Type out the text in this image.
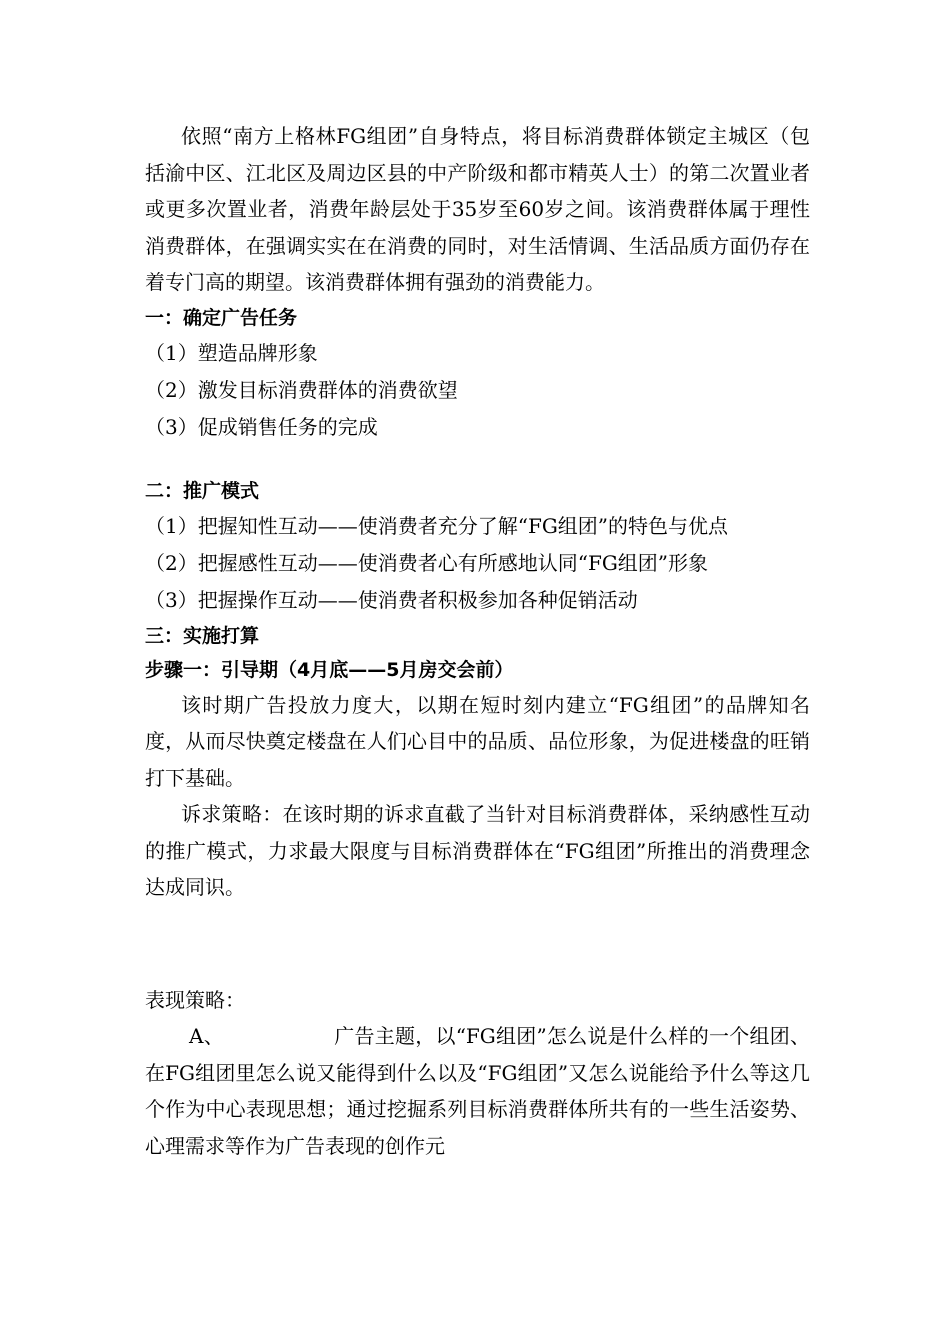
依照“南方上格林FG组团”自身特点，将目标消费群体锁定主城区（包括渝中区、江北区及周边区县的中产阶级和都市精英人士）的第二次置业者或更多次置业者，消费年龄层处于35岁至60岁之间。该消费群体属于理性消费群体，在强调实实在在消费的同时，对生活情调、生活品质方面仍存在着专门高的期望。该消费群体拥有强劲的消费能力。

一：确定广告任务

（1）塑造品牌形象

（2）激发目标消费群体的消费欲望

（3）促成销售任务的完成

二：推广模式

（1）把握知性互动——使消费者充分了解“FG组团”的特色与优点

（2）把握感性互动——使消费者心有所感地认同“FG组团”形象

（3）把握操作互动——使消费者积极参加各种促销活动

三：实施打算

步骤一：引导期（4月底——5月房交会前）

该时期广告投放力度大，以期在短时刻内建立“FG组团”的品牌知名度，从而尽快奠定楼盘在人们心目中的品质、品位形象，为促进楼盘的旺销打下基础。

诉求策略：在该时期的诉求直截了当针对目标消费群体，采纳感性互动的推广模式，力求最大限度与目标消费群体在“FG组团”所推出的消费理念达成同识。

表现策略：

A、	广告主题，以“FG组团”怎么说是什么样的一个组团、在FG组团里怎么说又能得到什么以及“FG组团”又怎么说能给予什么等这几个作为中心表现思想；通过挖掘系列目标消费群体所共有的一些生活姿势、心理需求等作为广告表现的创作元
